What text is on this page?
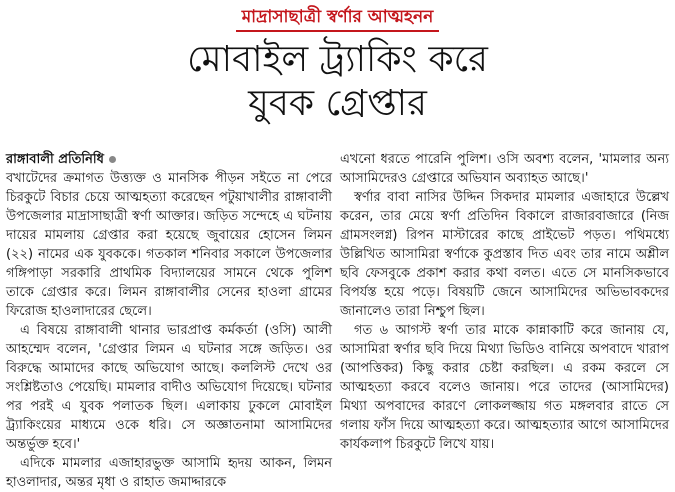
মাদ্রাসাছাত্রী স্বর্ণার আত্মহনন
মোবাইল ট্র্যাকিং করে
যুবক গ্রেপ্তার
রাঙ্গাবালী প্রতিনিধি

বখাটেদের ক্রমাগত উত্ত্যক্ত ও মানসিক পীড়ন সইতে না পেরে চিরকুটে বিচার চেয়ে আত্মহত্যা করেছেন পটুয়াখালীর রাঙ্গাবালী উপজেলার মাদ্রাসাছাত্রী স্বর্ণা আক্তার। জড়িত সন্দেহে এ ঘটনায় দায়ের মামলায় গ্রেপ্তার করা হয়েছে জুবায়ের হোসেন লিমন (২২) নামের এক যুবককে। গতকাল শনিবার সকালে উপজেলার গঙ্গিপাড়া সরকারি প্রাথমিক বিদ্যালয়ের সামনে থেকে পুলিশ তাকে গ্রেপ্তার করে। লিমন রাঙ্গাবালীর সেনের হাওলা গ্রামের ফিরোজ হাওলাদারের ছেলে।

এ বিষয়ে রাঙ্গাবালী থানার ভারপ্রাপ্ত কর্মকর্তা (ওসি) আলী আহম্মেদ বলেন, 'গ্রেপ্তার লিমন এ ঘটনার সঙ্গে জড়িত। ওর বিরুদ্ধে আমাদের কাছে অভিযোগ আছে। কললিস্ট দেখে ওর সংশ্লিষ্টতাও পেয়েছি। মামলার বাদীও অভিযোগ দিয়েছে। ঘটনার পর পরই এ যুবক পলাতক ছিল। এলাকায় ঢুকলে মোবাইল ট্র্যাকিংয়ের মাধ্যমে ওকে ধরি। সে অজ্ঞাতনামা আসামিদের অন্তর্ভুক্ত হবে।'

এদিকে মামলার এজাহারভুক্ত আসামি হৃদয় আকন, লিমন হাওলাদার, অন্তর মৃধা ও রাহাত জমাদ্দারকে

এখনো ধরতে পারেনি পুলিশ। ওসি অবশ্য বলেন, 'মামলার অন্য আসামিদেরও গ্রেপ্তারে অভিযান অব্যাহত আছে।'

স্বর্ণার বাবা নাসির উদ্দিন সিকদার মামলার এজাহারে উল্লেখ করেন, তার মেয়ে স্বর্ণা প্রতিদিন বিকালে রাজারবাজারে (নিজ গ্রামসংলগ্ন) রিপন মাস্টারের কাছে প্রাইভেট পড়ত। পথিমধ্যে উল্লিখিত আসামিরা স্বর্ণাকে কুপ্রস্তাব দিত এবং তার নামে অশ্লীল ছবি ফেসবুকে প্রকাশ করার কথা বলত। এতে সে মানসিকভাবে বিপর্যস্ত হয়ে পড়ে। বিষয়টি জেনে আসামিদের অভিভাবকদের জানালেও তারা নিশ্চুপ ছিল।

গত ৬ আগস্ট স্বর্ণা তার মাকে কান্নাকাটি করে জানায় যে, আসামিরা স্বর্ণার ছবি দিয়ে মিথ্যা ভিডিও বানিয়ে অপবাদে খারাপ (আপত্তিকর) কিছু করার চেষ্টা করছিল। এ রকম করলে সে আত্মহত্যা করবে বলেও জানায়। পরে তাদের (আসামিদের) মিথ্যা অপবাদের কারণে লোকলজ্জায় গত মঙ্গলবার রাতে সে গলায় ফাঁস দিয়ে আত্মহত্যা করে। আত্মহত্যার আগে আসামিদের কার্যকলাপ চিরকুটে লিখে যায়।
